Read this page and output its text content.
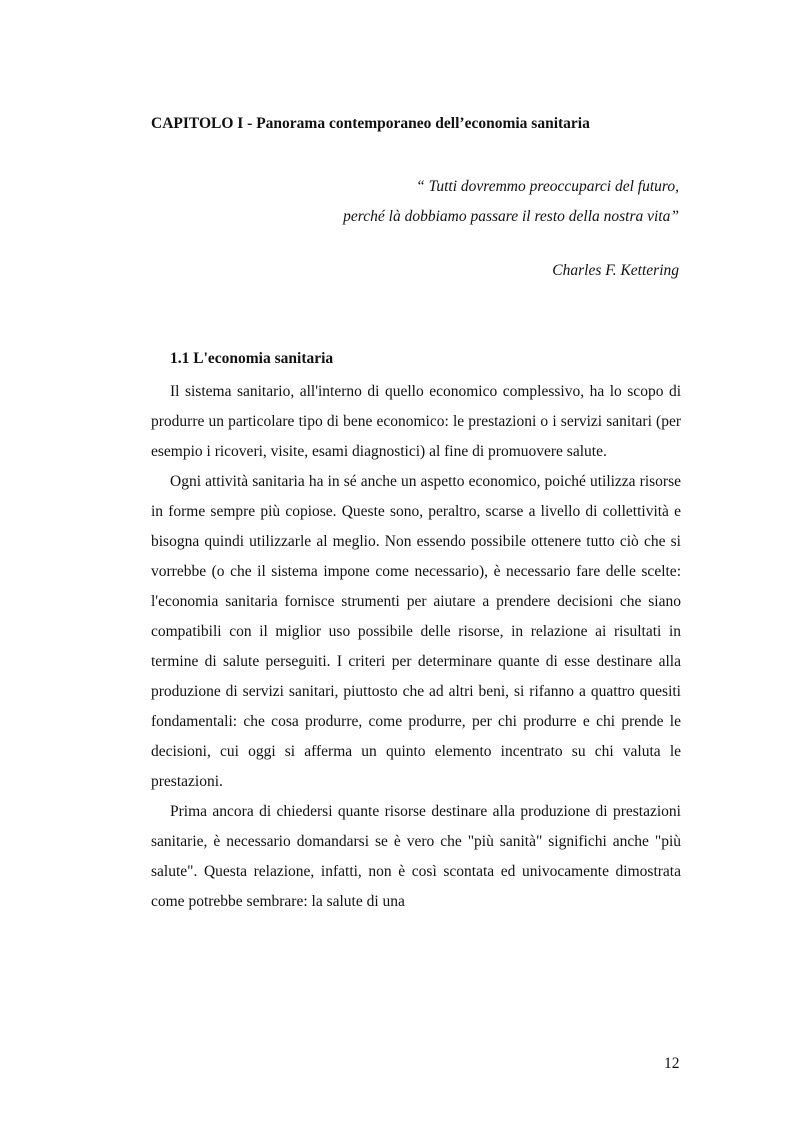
CAPITOLO I - Panorama contemporaneo dell’economia sanitaria
“ Tutti dovremmo preoccuparci del futuro,
perché là dobbiamo passare il resto della nostra vita”
Charles F. Kettering
1.1 L'economia sanitaria

Il sistema sanitario, all'interno di quello economico complessivo, ha lo scopo di produrre un particolare tipo di bene economico: le prestazioni o i servizi sanitari (per esempio i ricoveri, visite, esami diagnostici) al fine di promuovere salute.

Ogni attività sanitaria ha in sé anche un aspetto economico, poiché utilizza risorse in forme sempre più copiose. Queste sono, peraltro, scarse a livello di collettività e bisogna quindi utilizzarle al meglio. Non essendo possibile ottenere tutto ciò che si vorrebbe (o che il sistema impone come necessario), è necessario fare delle scelte: l'economia sanitaria fornisce strumenti per aiutare a prendere decisioni che siano compatibili con il miglior uso possibile delle risorse, in relazione ai risultati in termine di salute perseguiti. I criteri per determinare quante di esse destinare alla produzione di servizi sanitari, piuttosto che ad altri beni, si rifanno a quattro quesiti fondamentali: che cosa produrre, come produrre, per chi produrre e chi prende le decisioni, cui oggi si afferma un quinto elemento incentrato su chi valuta le prestazioni.

Prima ancora di chiedersi quante risorse destinare alla produzione di prestazioni sanitarie, è necessario domandarsi se è vero che "più sanità" significhi anche "più salute". Questa relazione, infatti, non è così scontata ed univocamente dimostrata come potrebbe sembrare: la salute di una

12
